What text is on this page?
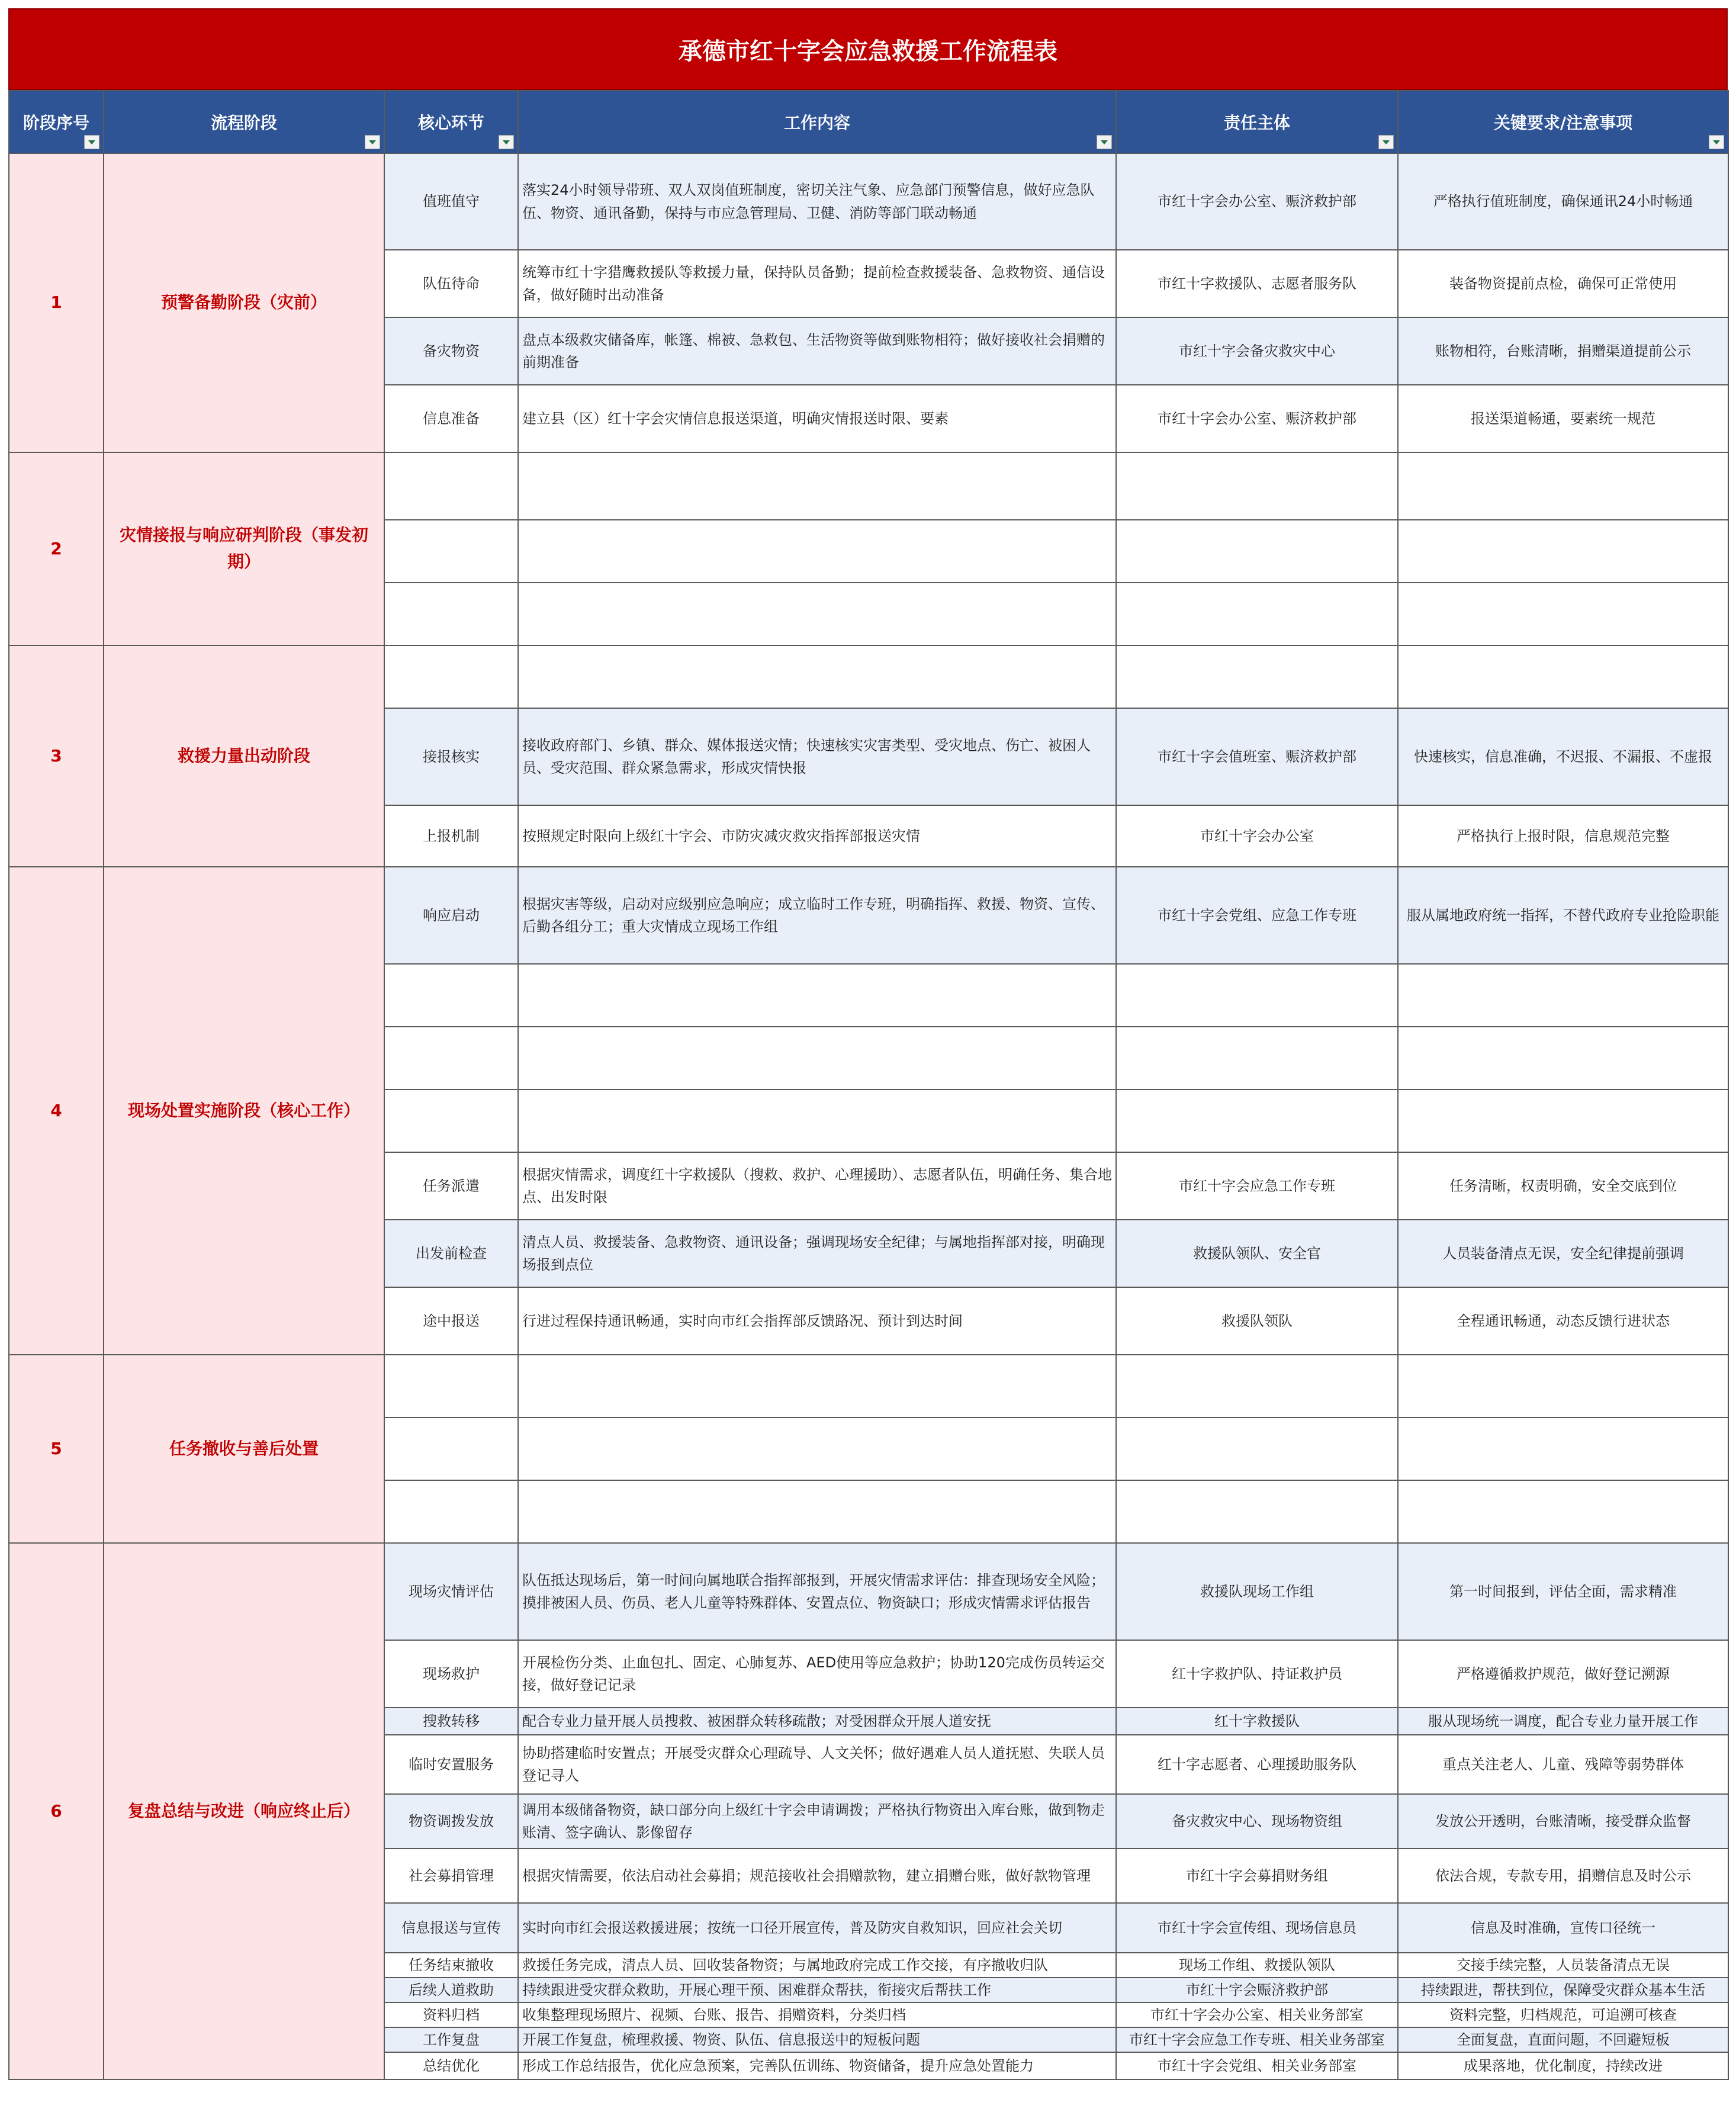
承德市红十字会应急救援工作流程表
阶段序号	流程阶段	核心环节	工作内容	责任主体	关键要求/注意事项

1	预警备勤阶段（灾前）	值班值守	落实24小时领导带班、双人双岗值班制度，密切关注气象、应急部门预警信息，做好应急队伍、物资、通讯备勤，保持与市应急管理局、卫健、消防等部门联动畅通	市红十字会办公室、赈济救护部	严格执行值班制度，确保通讯24小时畅通
		队伍待命	统筹市红十字猎鹰救援队等救援力量，保持队员备勤；提前检查救援装备、急救物资、通信设备，做好随时出动准备	市红十字救援队、志愿者服务队	装备物资提前点检，确保可正常使用
		备灾物资	盘点本级救灾储备库，帐篷、棉被、急救包、生活物资等做到账物相符；做好接收社会捐赠的前期准备	市红十字会备灾救灾中心	账物相符，台账清晰，捐赠渠道提前公示
		信息准备	建立县（区）红十字会灾情信息报送渠道，明确灾情报送时限、要素	市红十字会办公室、赈济救护部	报送渠道畅通，要素统一规范
2	灾情接报与响应研判阶段（事发初期）				

3	救援力量出动阶段				
		接报核实	接收政府部门、乡镇、群众、媒体报送灾情；快速核实灾害类型、受灾地点、伤亡、被困人员、受灾范围、群众紧急需求，形成灾情快报	市红十字会值班室、赈济救护部	快速核实，信息准确，不迟报、不漏报、不虚报
		上报机制	按照规定时限向上级红十字会、市防灾减灾救灾指挥部报送灾情	市红十字会办公室	严格执行上报时限，信息规范完整
4	现场处置实施阶段（核心工作）	响应启动	根据灾害等级，启动对应级别应急响应；成立临时工作专班，明确指挥、救援、物资、宣传、后勤各组分工；重大灾情成立现场工作组	市红十字会党组、应急工作专班	服从属地政府统一指挥，不替代政府专业抢险职能

		任务派遣	根据灾情需求，调度红十字救援队（搜救、救护、心理援助）、志愿者队伍，明确任务、集合地点、出发时限	市红十字会应急工作专班	任务清晰，权责明确，安全交底到位
		出发前检查	清点人员、救援装备、急救物资、通讯设备；强调现场安全纪律；与属地指挥部对接，明确现场报到点位	救援队领队、安全官	人员装备清点无误，安全纪律提前强调
		途中报送	行进过程保持通讯畅通，实时向市红会指挥部反馈路况、预计到达时间	救援队领队	全程通讯畅通，动态反馈行进状态
5	任务撤收与善后处置				

6	复盘总结与改进（响应终止后）	现场灾情评估	队伍抵达现场后，第一时间向属地联合指挥部报到，开展灾情需求评估：排查现场安全风险；摸排被困人员、伤员、老人儿童等特殊群体、安置点位、物资缺口；形成灾情需求评估报告	救援队现场工作组	第一时间报到，评估全面，需求精准
		现场救护	开展检伤分类、止血包扎、固定、心肺复苏、AED使用等应急救护；协助120完成伤员转运交接，做好登记记录	红十字救护队、持证救护员	严格遵循救护规范，做好登记溯源
		搜救转移	配合专业力量开展人员搜救、被困群众转移疏散；对受困群众开展人道安抚	红十字救援队	服从现场统一调度，配合专业力量开展工作
		临时安置服务	协助搭建临时安置点；开展受灾群众心理疏导、人文关怀；做好遇难人员人道抚慰、失联人员登记寻人	红十字志愿者、心理援助服务队	重点关注老人、儿童、残障等弱势群体
		物资调拨发放	调用本级储备物资，缺口部分向上级红十字会申请调拨；严格执行物资出入库台账，做到物走账清、签字确认、影像留存	备灾救灾中心、现场物资组	发放公开透明，台账清晰，接受群众监督
		社会募捐管理	根据灾情需要，依法启动社会募捐；规范接收社会捐赠款物，建立捐赠台账，做好款物管理	市红十字会募捐财务组	依法合规，专款专用，捐赠信息及时公示
		信息报送与宣传	实时向市红会报送救援进展；按统一口径开展宣传，普及防灾自救知识，回应社会关切	市红十字会宣传组、现场信息员	信息及时准确，宣传口径统一
		任务结束撤收	救援任务完成，清点人员、回收装备物资；与属地政府完成工作交接，有序撤收归队	现场工作组、救援队领队	交接手续完整，人员装备清点无误
		后续人道救助	持续跟进受灾群众救助，开展心理干预、困难群众帮扶，衔接灾后帮扶工作	市红十字会赈济救护部	持续跟进，帮扶到位，保障受灾群众基本生活
		资料归档	收集整理现场照片、视频、台账、报告、捐赠资料，分类归档	市红十字会办公室、相关业务部室	资料完整，归档规范，可追溯可核查
		工作复盘	开展工作复盘，梳理救援、物资、队伍、信息报送中的短板问题	市红十字会应急工作专班、相关业务部室	全面复盘，直面问题，不回避短板
		总结优化	形成工作总结报告，优化应急预案，完善队伍训练、物资储备，提升应急处置能力	市红十字会党组、相关业务部室	成果落地，优化制度，持续改进
